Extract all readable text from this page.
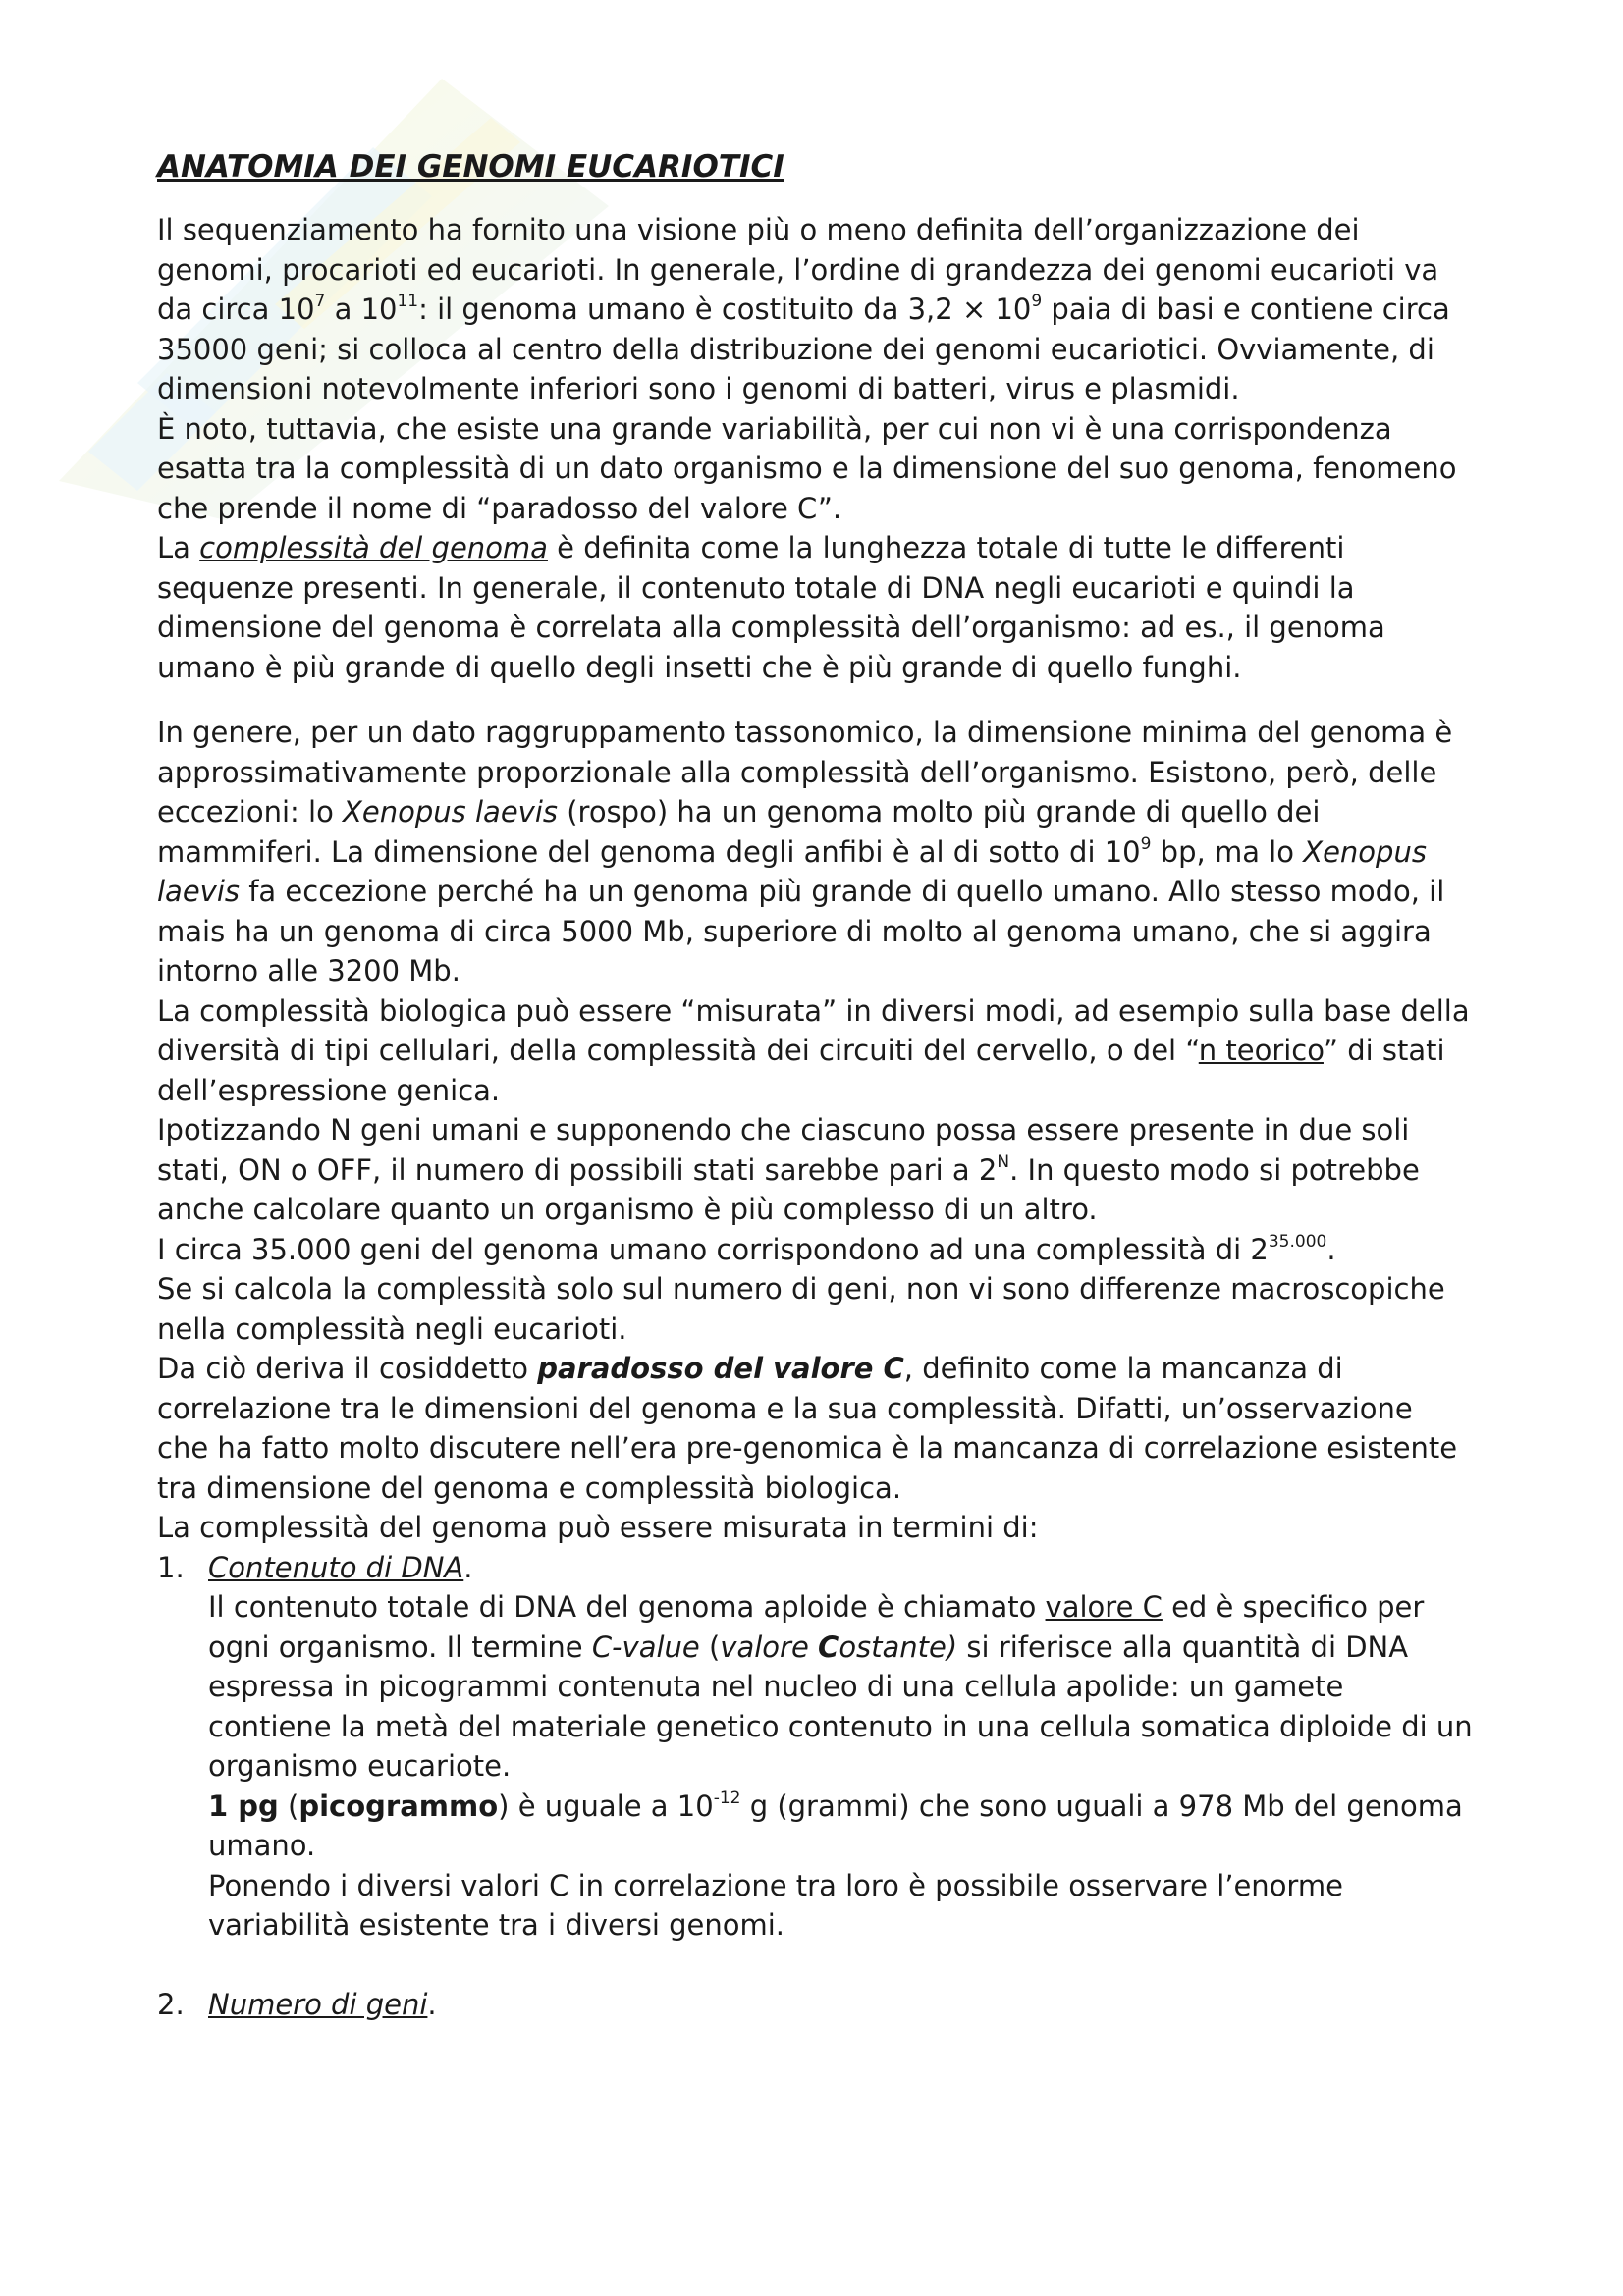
ANATOMIA DEI GENOMI EUCARIOTICI

Il sequenziamento ha fornito una visione più o meno definita dell’organizzazione dei genomi, procarioti ed eucarioti. In generale, l’ordine di grandezza dei genomi eucarioti va da circa $10^7$ a $10^{11}$: il genoma umano è costituito da $3,2 \times 10^9$ paia di basi e contiene circa 35000 geni; si colloca al centro della distribuzione dei genomi eucariotici. Ovviamente, di dimensioni notevolmente inferiori sono i genomi di batteri, virus e plasmidi.

È noto, tuttavia, che esiste una grande variabilità, per cui non vi è una corrispondenza esatta tra la complessità di un dato organismo e la dimensione del suo genoma, fenomeno che prende il nome di “paradosso del valore C”.

La complessità del genoma è definita come la lunghezza totale di tutte le differenti sequenze presenti. In generale, il contenuto totale di DNA negli eucarioti e quindi la dimensione del genoma è correlata alla complessità dell’organismo: ad es., il genoma umano è più grande di quello degli insetti che è più grande di quello funghi.

In genere, per un dato raggruppamento tassonomico, la dimensione minima del genoma è approssimativamente proporzionale alla complessità dell’organismo. Esistono, però, delle eccezioni: lo Xenopus laevis (rospo) ha un genoma molto più grande di quello dei mammiferi. La dimensione del genoma degli anfibi è al di sotto di $10^9$ bp, ma lo Xenopus laevis fa eccezione perché ha un genoma più grande di quello umano. Allo stesso modo, il mais ha un genoma di circa 5000 Mb, superiore di molto al genoma umano, che si aggira intorno alle 3200 Mb.

La complessità biologica può essere “misurata” in diversi modi, ad esempio sulla base della diversità di tipi cellulari, della complessità dei circuiti del cervello, o del “n teorico” di stati dell’espressione genica.

Ipotizzando N geni umani e supponendo che ciascuno possa essere presente in due soli stati, ON o OFF, il numero di possibili stati sarebbe pari a $2^N$. In questo modo si potrebbe anche calcolare quanto un organismo è più complesso di un altro.

I circa 35.000 geni del genoma umano corrispondono ad una complessità di $2^{35.000}$.

Se si calcola la complessità solo sul numero di geni, non vi sono differenze macroscopiche nella complessità negli eucarioti.

Da ciò deriva il cosiddetto paradosso del valore C, definito come la mancanza di correlazione tra le dimensioni del genoma e la sua complessità. Difatti, un’osservazione che ha fatto molto discutere nell’era pre-genomica è la mancanza di correlazione esistente tra dimensione del genoma e complessità biologica.

La complessità del genoma può essere misurata in termini di:

1. Contenuto di DNA.

Il contenuto totale di DNA del genoma aploide è chiamato valore C ed è specifico per ogni organismo. Il termine C-value (valore Costante) si riferisce alla quantità di DNA espressa in picogrammi contenuta nel nucleo di una cellula apolide: un gamete contiene la metà del materiale genetico contenuto in una cellula somatica diploide di un organismo eucariote.

1 pg (picogrammo) è uguale a $10^{-12}$ g (grammi) che sono uguali a 978 Mb del genoma umano.

Ponendo i diversi valori C in correlazione tra loro è possibile osservare l’enorme variabilità esistente tra i diversi genomi.

2. Numero di geni.
